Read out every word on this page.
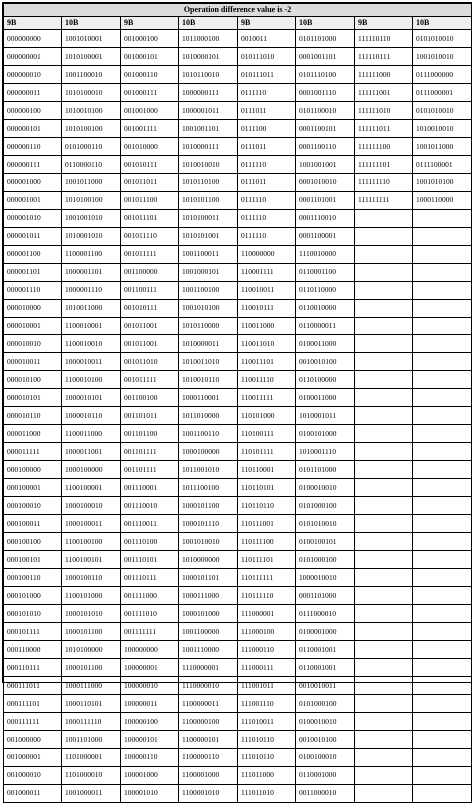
Operation difference value is -2							
9B	10B	9B	10B	9B	10B	9B	10B
000000000	1001010001	001000100	1011000100	0010011	0101101000	111110110	0101010010
000000001	1010100001	001000101	1010000101	010111010	0001001101	111110111	1001010010
000000010	1001100010	001000110	1010110010	010111011	0101110100	111111000	0111000000
000000011	1010100010	001000111	1000000111	0111110	0001001110	111111001	0111000001
000000100	1010010100	001001000	1000001011	0111011	0101100010	111111010	0101010010
000000101	1010100100	001001111	1001001101	0111100	0001100101	111111011	1010010010
000000110	0101000110	001010000	1010000111	0111011	0001100110	111111100	1001011000
000000111	0110000110	001010111	1010010010	0111110	1001001001	111111101	0111100001
000001000	1001011000	001011011	1010110100	0111011	0001010010	111111110	1001010100
000001001	1010100100	001011100	1010101100	0111110	0001101001	111111111	1000110000
000001010	1001001010	001011101	1010100011	0111110	0001110010		
000001011	1010001010	001011110	1010101001	0111110	0001100001		
000001100	1100001100	001011111	1001100011	110000000	1110010000		
000001101	1000001101	001100000	1001000101	110001111	0110001100		
000001110	1000001110	001100111	1001100100	110010011	0110110000		
000010000	1010011000	001010111	1001010100	110010111	0110010000		
000010001	1100010001	001011001	1010110000	110011000	0110000011		
000010010	1100010010	001011001	1010000011	110011010	0100011000		
000010011	1000010011	001011010	1010011010	110011101	0010010100		
000010100	1100010100	001011111	1010010110	110011110	0110100000		
000010101	1000010101	001100100	1000110001	110011111	0100011000		
000010110	1000010110	001101011	1011010000	110101000	1010001011		
000011000	1100011000	001101100	1001100110	110100111	0100101000		
000011111	1000011001	001101111	1000100000	110101111	1010001110		
000100000	1000100000	001101111	1011001010	110110001	0101101000		
000100001	1100100001	001110001	1011100100	110110101	0100010010		
000100010	1000100010	001110010	1000101100	110110110	0101000100		
000100011	1000100011	001110011	1000101110	110111001	0101010010		
000100100	1100100100	001110100	1001010010	110111100	0100100101		
000100101	1100100101	001110101	1010000000	110111101	0101000100		
000100110	1000100110	001110111	1000101101	110111111	1000010010		
000101000	1100101000	001111000	1000111000	110111110	0001101000		
000101010	1000101010	001111010	1000101000	111000001	0111000010		
000101111	1000101100	001111111	1001100000	111000100	0100001000		
000110000	1010100000	100000000	1001110000	111000110	0110001001		
000110111	1000101100	100000001	1110000001	111000111	0110001001		
000111011	1000111000	100000010	1110000010	111001011	0010010011		
000111101	1000110101	100000011	1100000011	111001110	0101000100		
000111111	1000111110	100000100	1100000100	111010011	0100010010		
001000000	1001101000	100000101	1100000101	111010110	0010010100		
001000001	1101000001	100000110	1100000110	111010110	0100100010		
001000010	1101000010	100001000	1100001000	111011000	0110001000		
001000011	1001000011	100001010	1100001010	111011010	0011000010		
